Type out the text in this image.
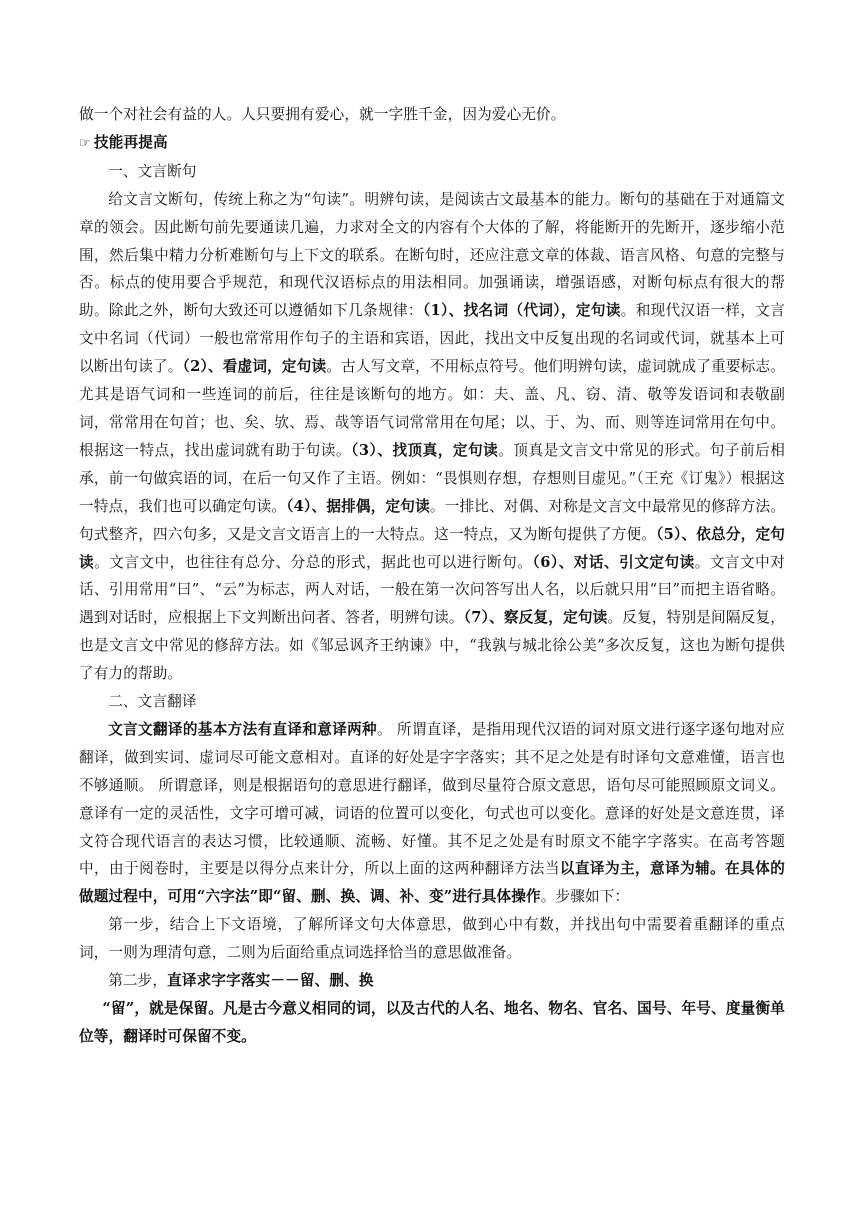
做一个对社会有益的人。人只要拥有爱心，就一字胜千金，因为爱心无价。

☞ 技能再提高

一、文言断句

给文言文断句，传统上称之为“句读”。明辨句读，是阅读古文最基本的能力。断句的基础在于对通篇文章的领会。因此断句前先要通读几遍，力求对全文的内容有个大体的了解，将能断开的先断开，逐步缩小范围，然后集中精力分析难断句与上下文的联系。在断句时，还应注意文章的体裁、语言风格、句意的完整与否。标点的使用要合乎规范，和现代汉语标点的用法相同。加强诵读，增强语感，对断句标点有很大的帮助。除此之外，断句大致还可以遵循如下几条规律：（1）、找名词（代词），定句读。和现代汉语一样，文言文中名词（代词）一般也常常用作句子的主语和宾语，因此，找出文中反复出现的名词或代词，就基本上可以断出句读了。（2）、看虚词，定句读。古人写文章，不用标点符号。他们明辨句读，虚词就成了重要标志。尤其是语气词和一些连词的前后，往往是该断句的地方。如：夫、盖、凡、窃、清、敬等发语词和表敬副词，常常用在句首；也、矣、欤、焉、哉等语气词常常用在句尾；以、于、为、而、则等连词常用在句中。根据这一特点，找出虚词就有助于句读。（3）、找顶真，定句读。顶真是文言文中常见的形式。句子前后相承，前一句做宾语的词，在后一句又作了主语。例如：“畏惧则存想，存想则目虚见。”（王充《订鬼》）根据这一特点，我们也可以确定句读。（4）、据排偶，定句读。一排比、对偶、对称是文言文中最常见的修辞方法。句式整齐，四六句多，又是文言文语言上的一大特点。这一特点，又为断句提供了方便。（5）、依总分，定句读。文言文中，也往往有总分、分总的形式，据此也可以进行断句。（6）、对话、引文定句读。文言文中对话、引用常用“曰”、“云”为标志，两人对话，一般在第一次问答写出人名，以后就只用“曰”而把主语省略。遇到对话时，应根据上下文判断出问者、答者，明辨句读。（7）、察反复，定句读。反复，特别是间隔反复，也是文言文中常见的修辞方法。如《邹忌讽齐王纳谏》中，“我孰与城北徐公美”多次反复，这也为断句提供了有力的帮助。

二、文言翻译

文言文翻译的基本方法有直译和意译两种。 所谓直译，是指用现代汉语的词对原文进行逐字逐句地对应翻译，做到实词、虚词尽可能文意相对。直译的好处是字字落实；其不足之处是有时译句文意难懂，语言也不够通顺。 所谓意译，则是根据语句的意思进行翻译，做到尽量符合原文意思，语句尽可能照顾原文词义。意译有一定的灵活性，文字可增可减，词语的位置可以变化，句式也可以变化。意译的好处是文意连贯，译文符合现代语言的表达习惯，比较通顺、流畅、好懂。其不足之处是有时原文不能字字落实。在高考答题中，由于阅卷时，主要是以得分点来计分，所以上面的这两种翻译方法当以直译为主，意译为辅。在具体的做题过程中，可用“六字法”即“留、删、换、调、补、变”进行具体操作。步骤如下：

第一步，结合上下文语境，了解所译文句大体意思，做到心中有数，并找出句中需要着重翻译的重点词，一则为理清句意，二则为后面给重点词选择恰当的意思做准备。

第二步，直译求字字落实－－留、删、换

“留”，就是保留。凡是古今意义相同的词，以及古代的人名、地名、物名、官名、国号、年号、度量衡单位等，翻译时可保留不变。
